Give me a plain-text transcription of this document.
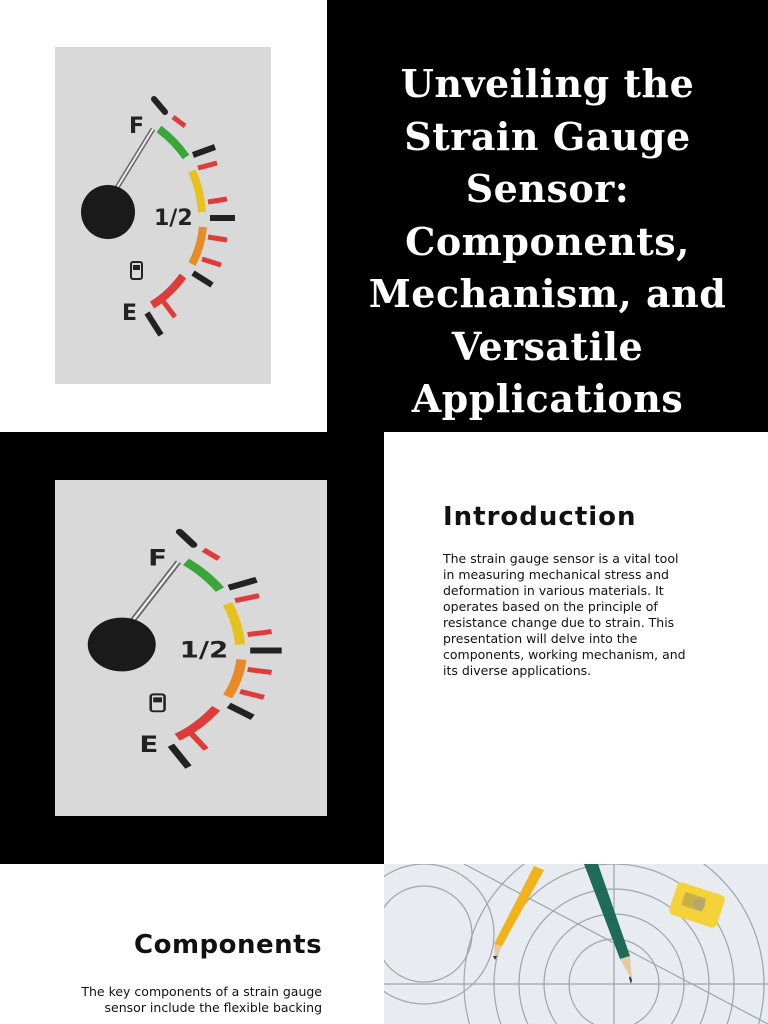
F
1/2
E
Unveiling the Strain Gauge Sensor: Components, Mechanism, and Versatile Applications
F
1/2
E
Introduction

The strain gauge sensor is a vital tool in measuring mechanical stress and deformation in various materials. It operates based on the principle of resistance change due to strain. This presentation will delve into the components, working mechanism, and its diverse applications.

Components

The key components of a strain gauge sensor include the flexible backing
